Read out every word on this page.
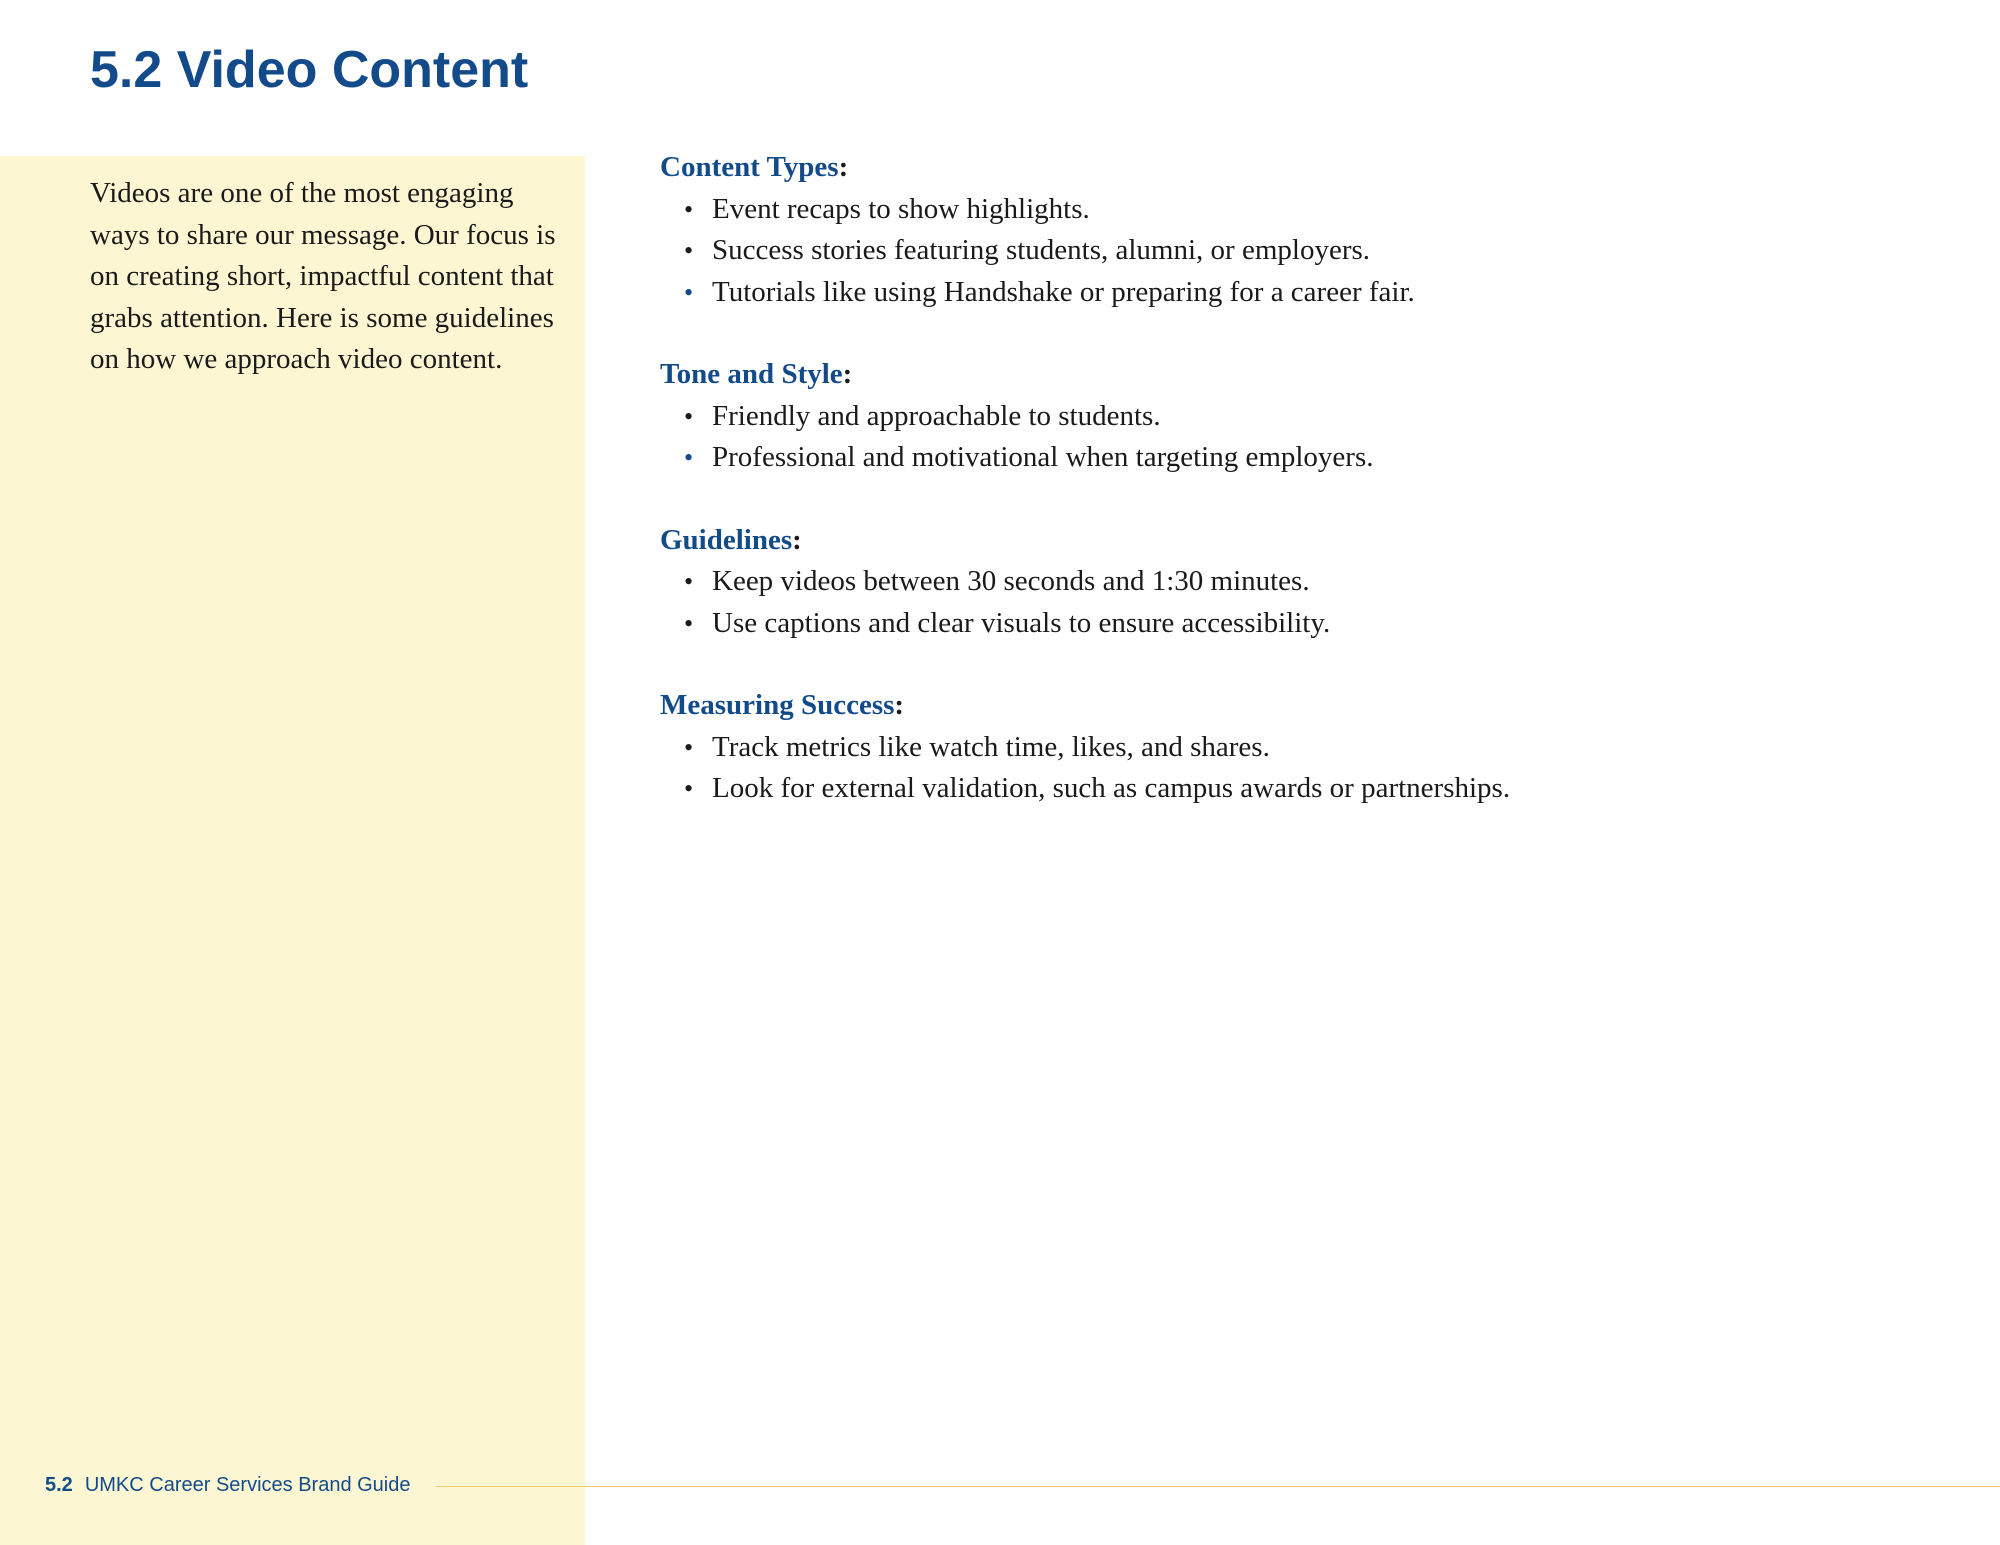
5.2 Video Content

Videos are one of the most engaging ways to share our message. Our focus is on creating short, impactful content that grabs attention. Here is some guidelines on how we approach video content.

Content Types:
• Event recaps to show highlights.
• Success stories featuring students, alumni, or employers.
• Tutorials like using Handshake or preparing for a career fair.
Tone and Style:
• Friendly and approachable to students.
• Professional and motivational when targeting employers.
Guidelines:
• Keep videos between 30 seconds and 1:30 minutes.
• Use captions and clear visuals to ensure accessibility.
Measuring Success:
• Track metrics like watch time, likes, and shares.
• Look for external validation, such as campus awards or partnerships.
5.2 UMKC Career Services Brand Guide
